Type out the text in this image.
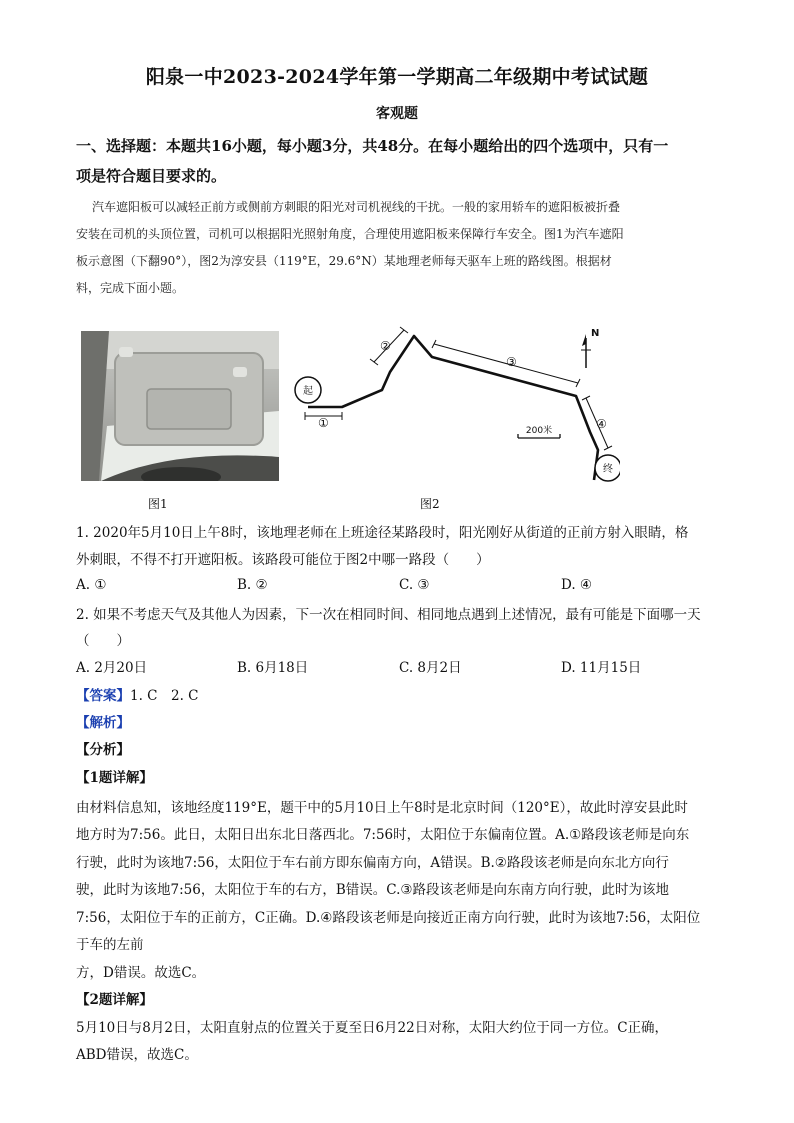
阳泉一中2023-2024学年第一学期高二年级期中考试试题
客观题
一、选择题：本题共16小题，每小题3分，共48分。在每小题给出的四个选项中，只有一
项是符合题目要求的。
汽车遮阳板可以减轻正前方或侧前方刺眼的阳光对司机视线的干扰。一般的家用轿车的遮阳板被折叠
安装在司机的头顶位置，司机可以根据阳光照射角度，合理使用遮阳板来保障行车安全。图1为汽车遮阳
板示意图（下翻90°），图2为淳安县（119°E，29.6°N）某地理老师每天驱车上班的路线图。根据材
料，完成下面小题。
起
终
N
200米
①
②
③
④
图1	图2
1. 2020年5月10日上午8时，该地理老师在上班途径某路段时，阳光刚好从街道的正前方射入眼睛，格
外刺眼，不得不打开遮阳板。该路段可能位于图2中哪一路段（　　）
A. ①	B. ②	C. ③	D. ④
2. 如果不考虑天气及其他人为因素，下一次在相同时间、相同地点遇到上述情况，最有可能是下面哪一天
（　　）
A. 2月20日	B. 6月18日	C. 8月2日	D. 11月15日
【答案】1. C　2. C
【解析】
【分析】
【1题详解】
由材料信息知，该地经度119°E，题干中的5月10日上午8时是北京时间（120°E），故此时淳安县此时
地方时为7:56。此日，太阳日出东北日落西北。7:56时，太阳位于东偏南位置。A.①路段该老师是向东
行驶，此时为该地7:56，太阳位于车右前方即东偏南方向，A错误。B.②路段该老师是向东北方向行
驶，此时为该地7:56，太阳位于车的右方，B错误。C.③路段该老师是向东南方向行驶，此时为该地
7:56，太阳位于车的正前方，C正确。D.④路段该老师是向接近正南方向行驶，此时为该地7:56，太阳位
于车的左前
方，D错误。故选C。
【2题详解】
5月10日与8月2日，太阳直射点的位置关于夏至日6月22日对称，太阳大约位于同一方位。C正确，
ABD错误，故选C。
